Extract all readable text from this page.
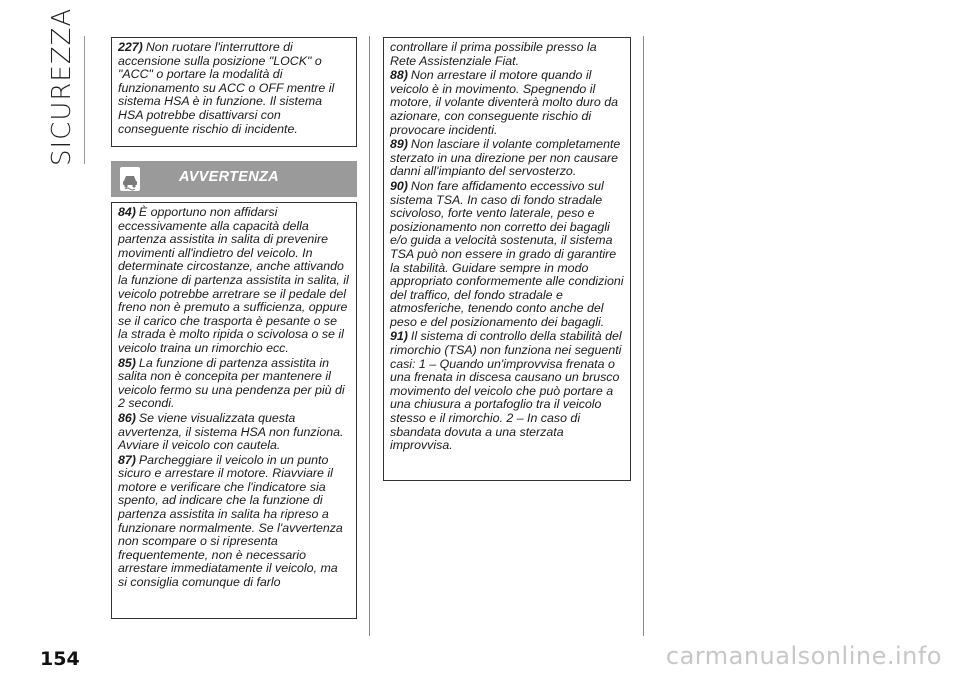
SICUREZZA	227) Non ruotare l'interruttore di accensione sulla posizione "LOCK" o "ACC" o portare la modalità di funzionamento su ACC o OFF mentre il sistema HSA è in funzione. Il sistema HSA potrebbe disattivarsi con conseguente rischio di incidente.

AVVERTENZA

84) È opportuno non affidarsi eccessivamente alla capacità della partenza assistita in salita di prevenire movimenti all'indietro del veicolo. In determinate circostanze, anche attivando la funzione di partenza assistita in salita, il veicolo potrebbe arretrare se il pedale del freno non è premuto a sufficienza, oppure se il carico che trasporta è pesante o se la strada è molto ripida o scivolosa o se il veicolo traina un rimorchio ecc.

85) La funzione di partenza assistita in salita non è concepita per mantenere il veicolo fermo su una pendenza per più di 2 secondi.

86) Se viene visualizzata questa avvertenza, il sistema HSA non funziona. Avviare il veicolo con cautela.

87) Parcheggiare il veicolo in un punto sicuro e arrestare il motore. Riavviare il motore e verificare che l'indicatore sia spento, ad indicare che la funzione di partenza assistita in salita ha ripreso a funzionare normalmente. Se l'avvertenza non scompare o si ripresenta frequentemente, non è necessario arrestare immediatamente il veicolo, ma si consiglia comunque di farlo

controllare il prima possibile presso la Rete Assistenziale Fiat.

88) Non arrestare il motore quando il veicolo è in movimento. Spegnendo il motore, il volante diventerà molto duro da azionare, con conseguente rischio di provocare incidenti.

89) Non lasciare il volante completamente sterzato in una direzione per non causare danni all'impianto del servosterzo.

90) Non fare affidamento eccessivo sul sistema TSA. In caso di fondo stradale scivoloso, forte vento laterale, peso e posizionamento non corretto dei bagagli e/o guida a velocità sostenuta, il sistema TSA può non essere in grado di garantire la stabilità. Guidare sempre in modo appropriato conformemente alle condizioni del traffico, del fondo stradale e atmosferiche, tenendo conto anche del peso e del posizionamento dei bagagli.

91) Il sistema di controllo della stabilità del rimorchio (TSA) non funziona nei seguenti casi: 1 – Quando un'improvvisa frenata o una frenata in discesa causano un brusco movimento del veicolo che può portare a una chiusura a portafoglio tra il veicolo stesso e il rimorchio. 2 – In caso di sbandata dovuta a una sterzata improvvisa.

154	carmanualsonline.info
